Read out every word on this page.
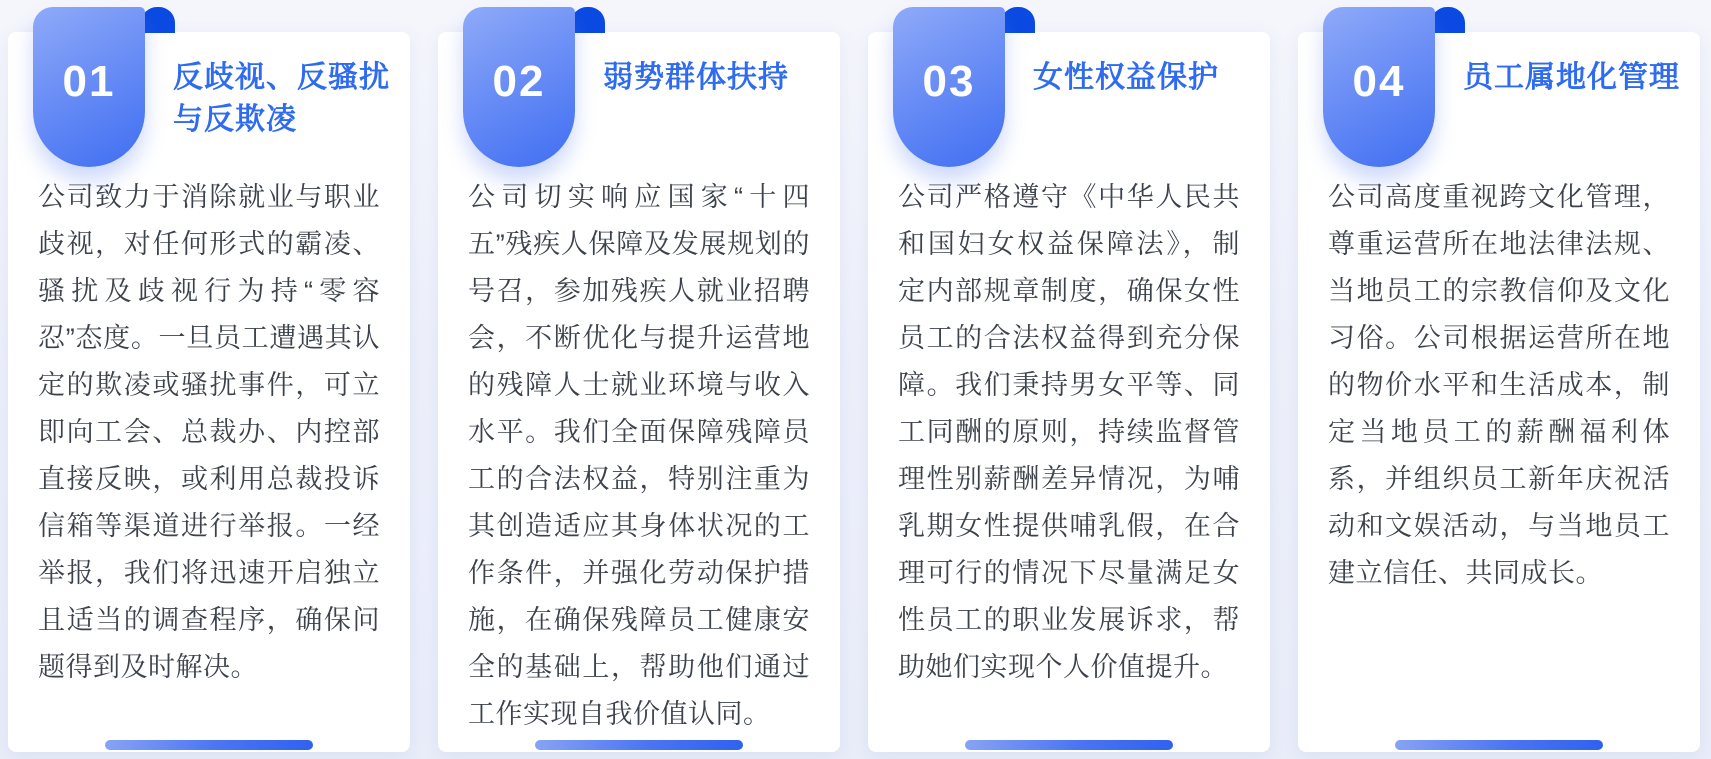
01 反歧视、反骚扰与反欺凌

公司致力于消除就业与职业歧视，对任何形式的霸凌、骚扰及歧视行为持“零容忍”态度。一旦员工遭遇其认定的欺凌或骚扰事件，可立即向工会、总裁办、内控部直接反映，或利用总裁投诉信箱等渠道进行举报。一经举报，我们将迅速开启独立且适当的调查程序，确保问题得到及时解决。

02 弱势群体扶持

公司切实响应国家“十四五”残疾人保障及发展规划的号召，参加残疾人就业招聘会，不断优化与提升运营地的残障人士就业环境与收入水平。我们全面保障残障员工的合法权益，特别注重为其创造适应其身体状况的工作条件，并强化劳动保护措施，在确保残障员工健康安全的基础上，帮助他们通过工作实现自我价值认同。

03 女性权益保护

公司严格遵守《中华人民共和国妇女权益保障法》，制定内部规章制度，确保女性员工的合法权益得到充分保障。我们秉持男女平等、同工同酬的原则，持续监督管理性别薪酬差异情况，为哺乳期女性提供哺乳假，在合理可行的情况下尽量满足女性员工的职业发展诉求，帮助她们实现个人价值提升。

04 员工属地化管理

公司高度重视跨文化管理，尊重运营所在地法律法规、当地员工的宗教信仰及文化习俗。公司根据运营所在地的物价水平和生活成本，制定当地员工的薪酬福利体系，并组织员工新年庆祝活动和文娱活动，与当地员工建立信任、共同成长。
